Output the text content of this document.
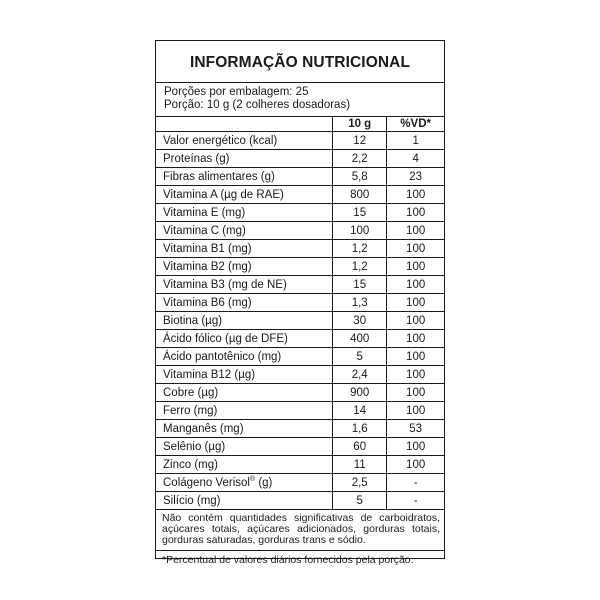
INFORMAÇÃO NUTRICIONAL
Porções por embalagem: 25
Porção: 10 g (2 colheres dosadoras)
	10 g	%VD*
Valor energético (kcal)	12	1
Proteínas (g)	2,2	4
Fibras alimentares (g)	5,8	23
Vitamina A (µg de RAE)	800	100
Vitamina E (mg)	15	100
Vitamina C (mg)	100	100
Vitamina B1 (mg)	1,2	100
Vitamina B2 (mg)	1,2	100
Vitamina B3 (mg de NE)	15	100
Vitamina B6 (mg)	1,3	100
Biotina (µg)	30	100
Ácido fólico (µg de DFE)	400	100
Ácido pantotênico (mg)	5	100
Vitamina B12 (µg)	2,4	100
Cobre (µg)	900	100
Ferro (mg)	14	100
Manganês (mg)	1,6	53
Selênio (µg)	60	100
Zinco (mg)	11	100
Colágeno Verisol® (g)	2,5	-
Silício (mg)	5	-
Não contém quantidades significativas de carboidratos, açúcares totais, açúcares adicionados, gorduras totais, gorduras saturadas, gorduras trans e sódio.
*Percentual de valores diários fornecidos pela porção.
